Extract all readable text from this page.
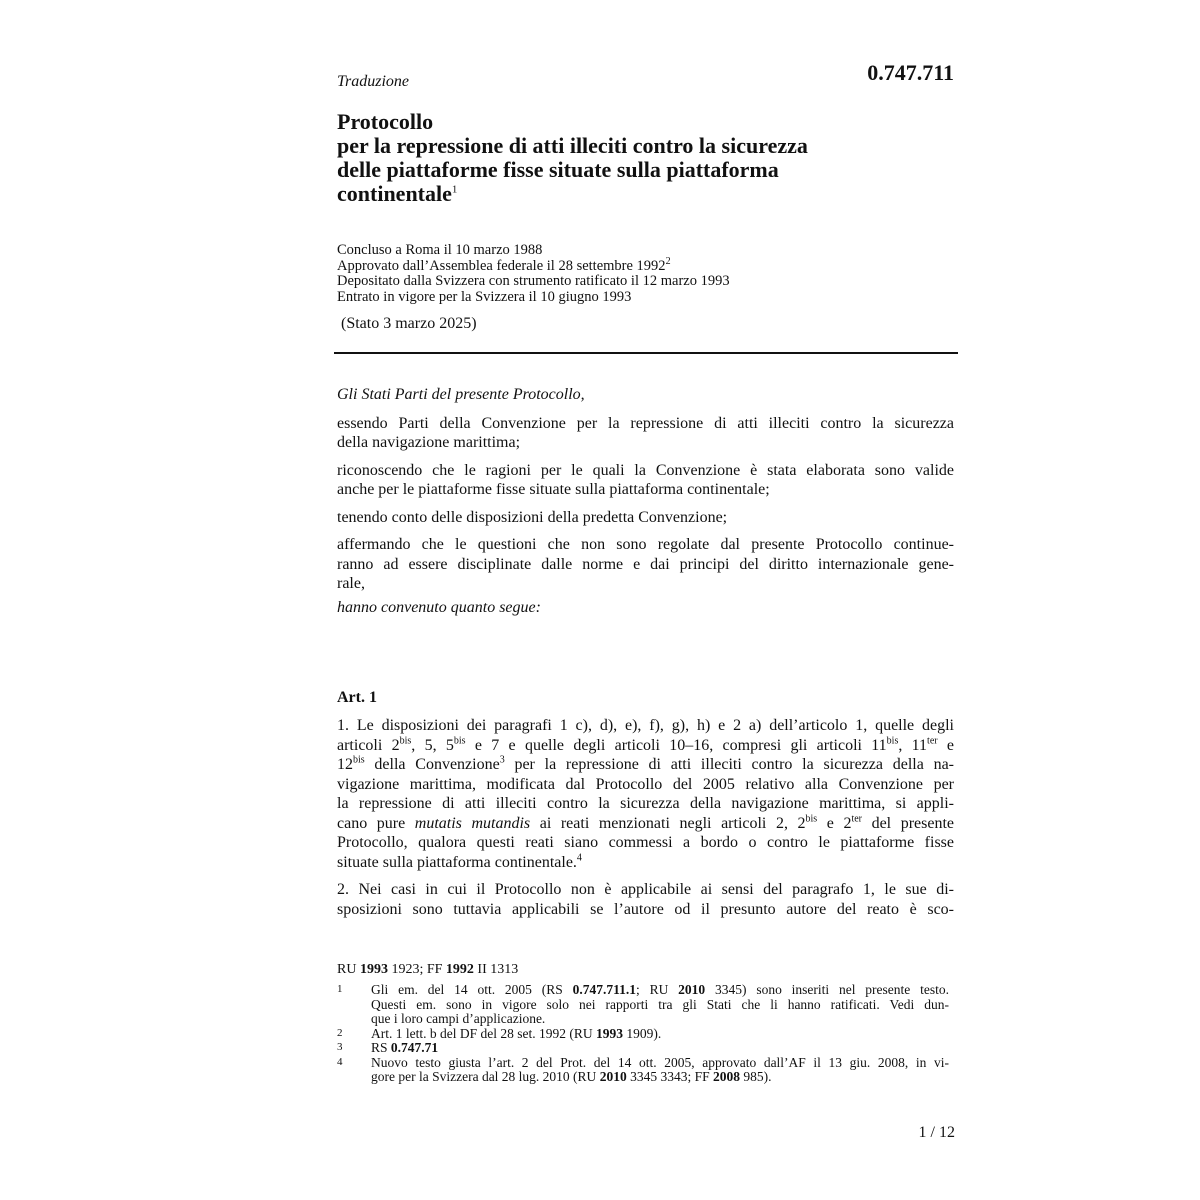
Traduzione	0.747.711
Protocollo
per la repressione di atti illeciti contro la sicurezza
delle piattaforme fisse situate sulla piattaforma
continentale$^1$
Concluso a Roma il 10 marzo 1988
Approvato dall’Assemblea federale il 28 settembre 1992$^2$
Depositato dalla Svizzera con strumento ratificato il 12 marzo 1993
Entrato in vigore per la Svizzera il 10 giugno 1993
(Stato 3 marzo 2025)

Gli Stati Parti del presente Protocollo,

essendo Parti della Convenzione per la repressione di atti illeciti contro la sicurezza
della navigazione marittima;

riconoscendo che le ragioni per le quali la Convenzione è stata elaborata sono valide
anche per le piattaforme fisse situate sulla piattaforma continentale;

tenendo conto delle disposizioni della predetta Convenzione;

affermando che le questioni che non sono regolate dal presente Protocollo continue-
ranno ad essere disciplinate dalle norme e dai principi del diritto internazionale gene-
rale,

hanno convenuto quanto segue:

Art. 1

1. Le disposizioni dei paragrafi 1 c), d), e), f), g), h) e 2 a) dell’articolo 1, quelle degli
articoli $2^{bis}$, 5, $5^{bis}$ e 7 e quelle degli articoli 10–16, compresi gli articoli $11^{bis}$, $11^{ter}$ e
$12^{bis}$ della Convenzione$^3$ per la repressione di atti illeciti contro la sicurezza della na-
vigazione marittima, modificata dal Protocollo del 2005 relativo alla Convenzione per
la repressione di atti illeciti contro la sicurezza della navigazione marittima, si appli-
cano pure mutatis mutandis ai reati menzionati negli articoli 2, $2^{bis}$ e $2^{ter}$ del presente
Protocollo, qualora questi reati siano commessi a bordo o contro le piattaforme fisse
situate sulla piattaforma continentale.$^4$

2. Nei casi in cui il Protocollo non è applicabile ai sensi del paragrafo 1, le sue di-
sposizioni sono tuttavia applicabili se l’autore od il presunto autore del reato è sco-

RU 1993 1923; FF 1992 II 1313
1	Gli em. del 14 ott. 2005 (RS 0.747.711.1; RU 2010 3345) sono inseriti nel presente testo.
Questi em. sono in vigore solo nei rapporti tra gli Stati che li hanno ratificati. Vedi dun-
que i loro campi d’applicazione.
2	Art. 1 lett. b del DF del 28 set. 1992 (RU 1993 1909).
3	RS 0.747.71
4	Nuovo testo giusta l’art. 2 del Prot. del 14 ott. 2005, approvato dall’AF il 13 giu. 2008, in vi-
gore per la Svizzera dal 28 lug. 2010 (RU 2010 3345 3343; FF 2008 985).
1 / 12
